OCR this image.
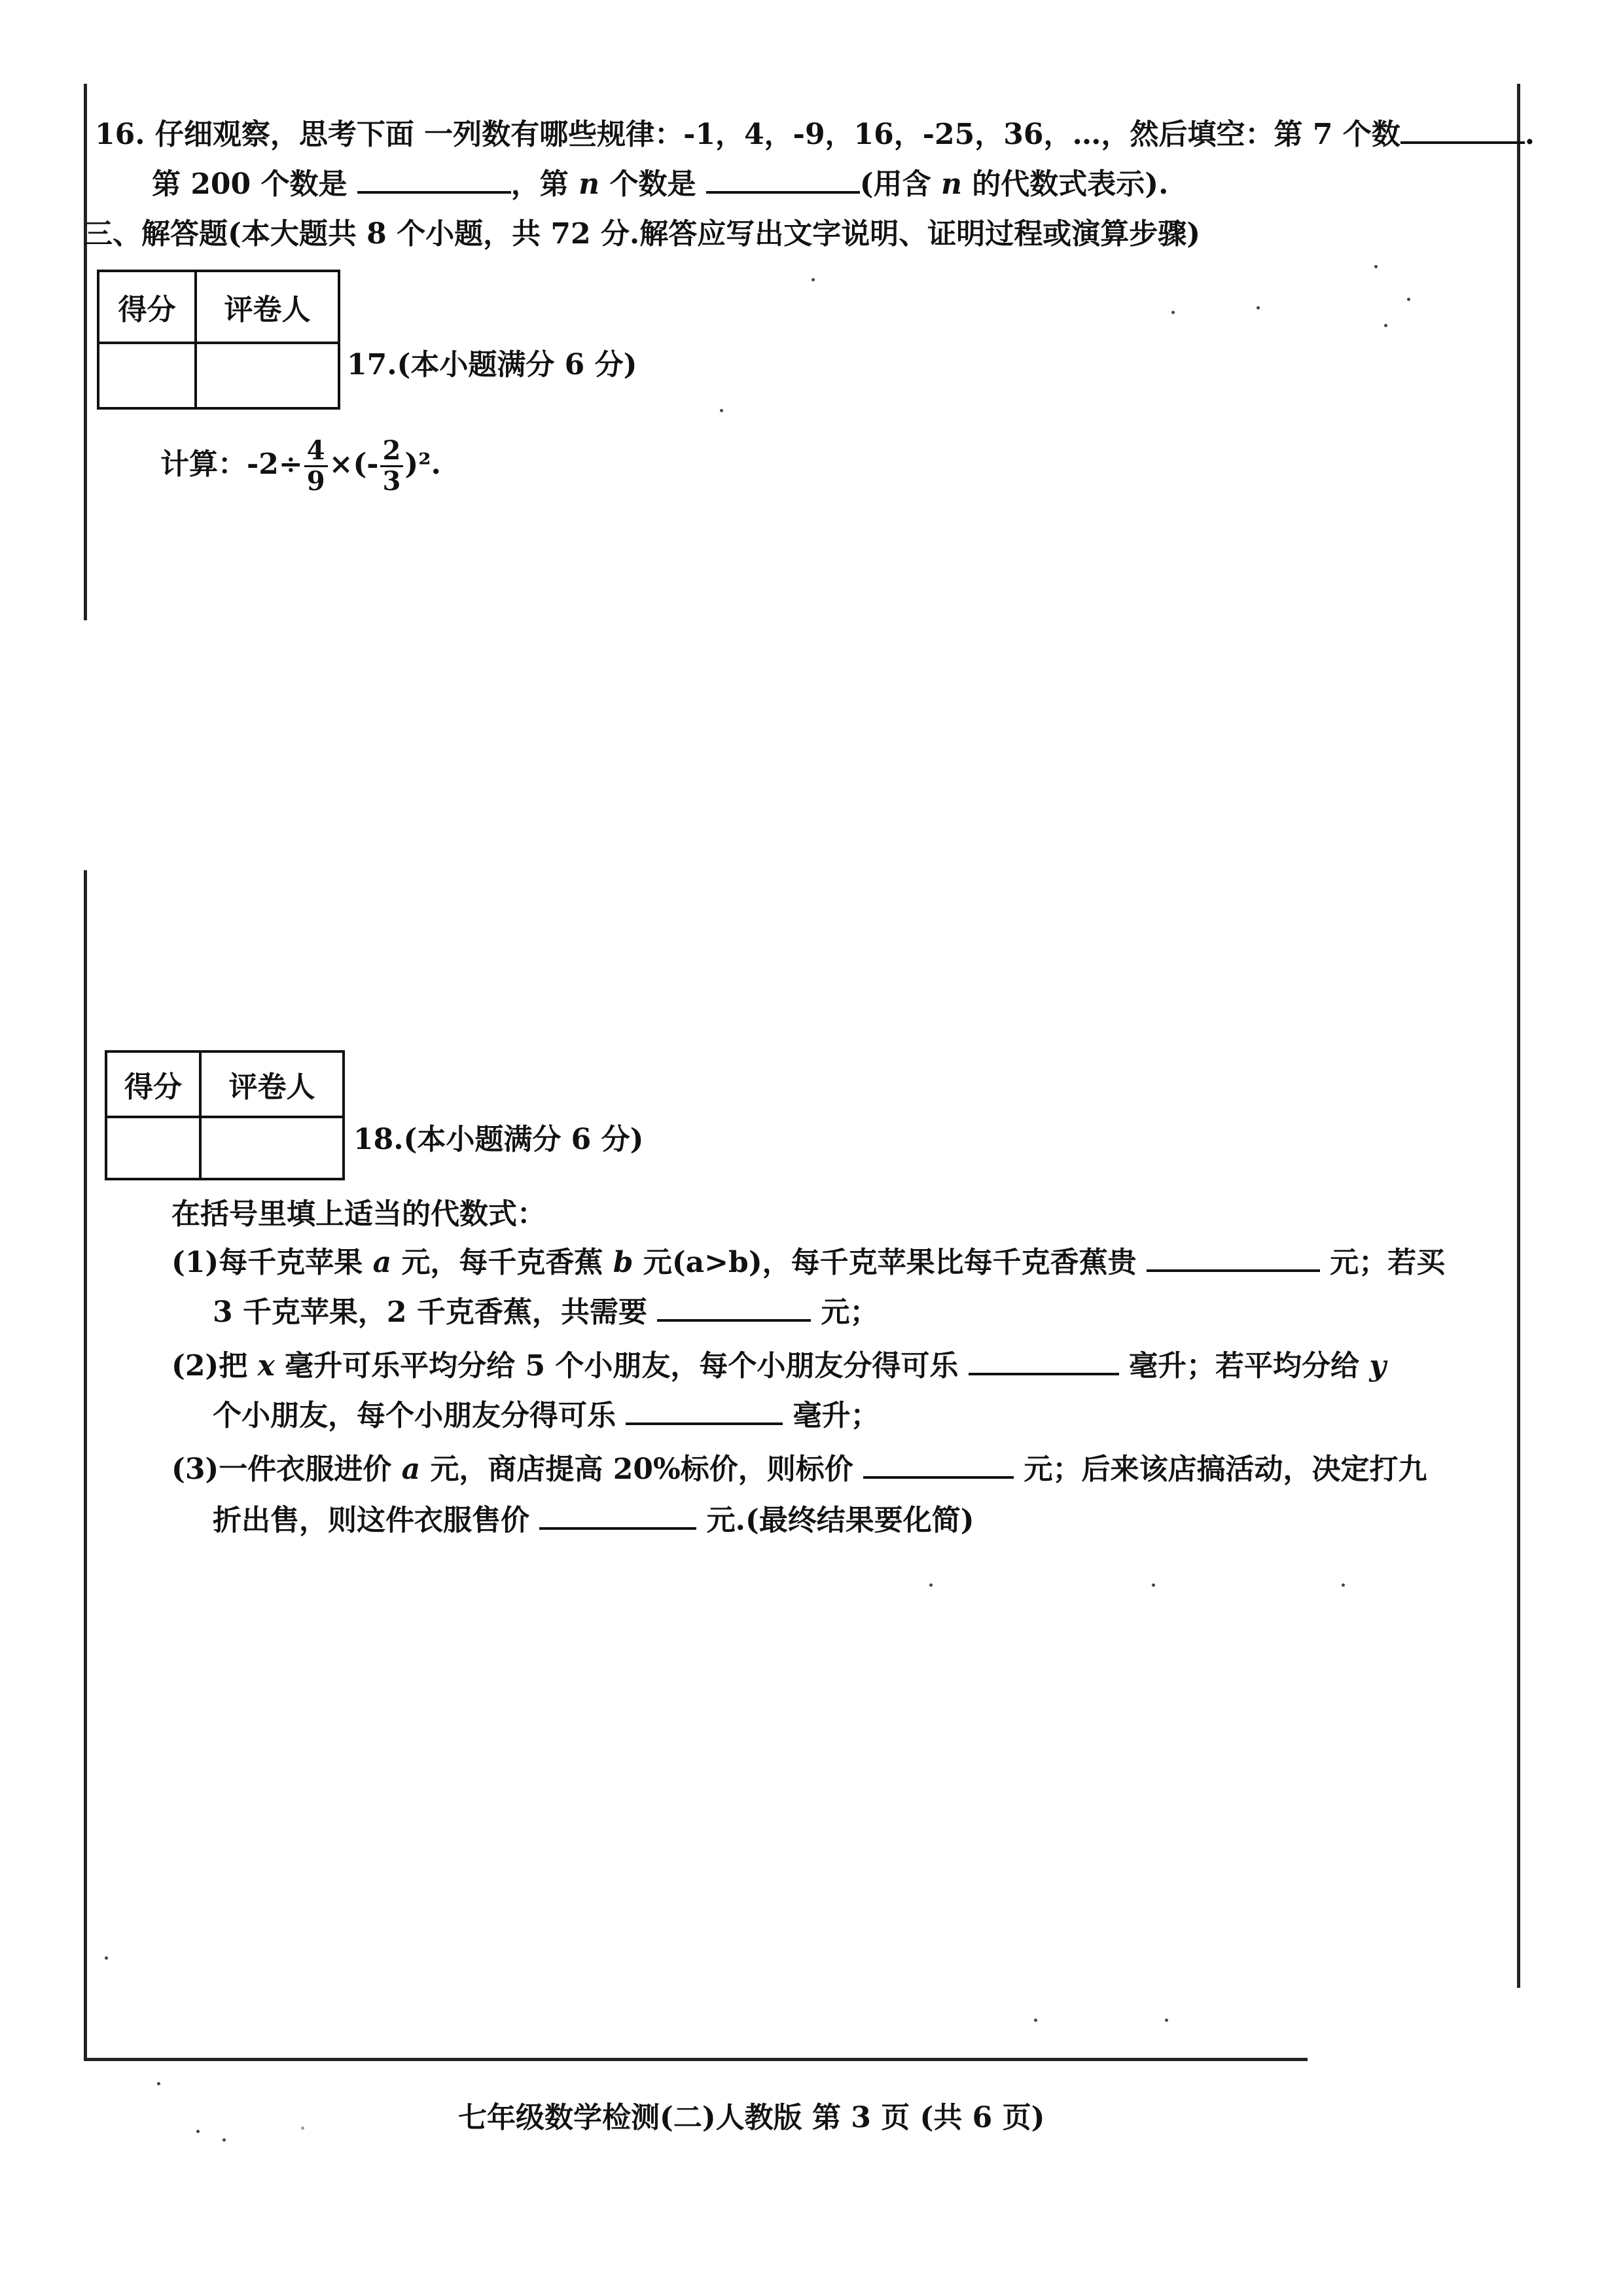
16. 仔细观察，思考下面 一列数有哪些规律：-1，4，-9，16，-25，36，…，然后填空：第 7 个数	.
第 200 个数是	，第 n 个数是	(用含 n 的代数式表示).
三、解答题(本大题共 8 个小题，共 72 分.解答应写出文字说明、证明过程或演算步骤)
得分	评卷人

17.(本小题满分 6 分)
计算：$-2\div \frac{4}{9}$ ×(- $\frac{2}{3} )^2$.
得分	评卷人

18.(本小题满分 6 分)
在括号里填上适当的代数式：
(1)每千克苹果 a 元，每千克香蕉 b 元(a>b)，每千克苹果比每千克香蕉贵	元；若买
3 千克苹果，2 千克香蕉，共需要	元；
(2)把 x 毫升可乐平均分给 5 个小朋友，每个小朋友分得可乐	毫升；若平均分给 y
个小朋友，每个小朋友分得可乐	毫升；
(3)一件衣服进价 a 元，商店提高 20%标价，则标价	元；后来该店搞活动，决定打九
折出售，则这件衣服售价	元.(最终结果要化简)
七年级数学检测(二)人教版 第 3 页 (共 6 页)
